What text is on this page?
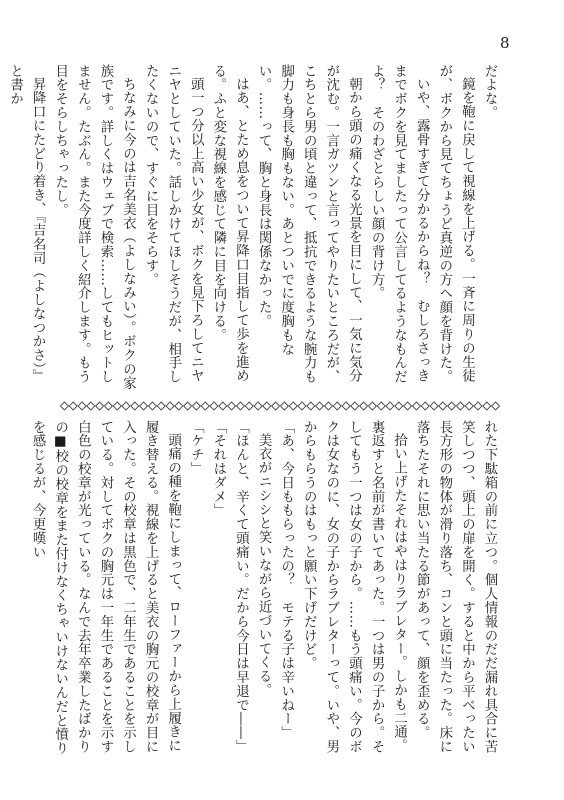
8

だよな。

鏡を鞄に戻して視線を上げる。一斉に周りの生徒が、ボクから見てちょうど真逆の方へ顔を背けた。

いや、露骨すぎて分かるからね？　むしろさっきまでボクを見てましたって公言してるようなもんだよ？　そのわざとらしい顔の背け方。

朝から頭の痛くなる光景を目にして、一気に気分が沈む。一言ガツンと言ってやりたいところだが、こちとら男の頃と違って、抵抗できるような腕力も脚力も身長も胸もない。あとついでに度胸もない。……って、胸と身長は関係なかった。

はあ、とため息をついて昇降口目指して歩を進める。ふと変な視線を感じて隣に目を向ける。

頭一つ分以上高い少女が、ボクを見下ろしてニヤニヤとしていた。話しかけてほしそうだが、相手したくないので、すぐに目をそらす。

ちなみに今のは吉名美衣（よしなみい）。ボクの家族です。詳しくはウェブで検索……してもヒットしません。たぶん。また今度詳しく紹介します。もう目をそらしちゃったし。

昇降口にたどり着き、『吉名司（よしなつかさ）』と書か

れた下駄箱の前に立つ。個人情報のだだ漏れ具合に苦笑しつつ、頭上の扉を開く。すると中から平べったい長方形の物体が滑り落ち、コンと頭に当たった。床に落ちたそれに思い当たる節があって、顔を歪める。

拾い上げたそれはやはりラブレター。しかも二通。裏返すと名前が書いてあった。一つは男の子から。そしてもう一つは女の子から。……もう頭痛い。今のボクは女なのに、女の子からラブレターって。いや、男からもらうのはもっと願い下げだけど。

「あ、今日ももらったの？　モテる子は辛いねー」

美衣がニシシと笑いながら近づいてくる。

「ほんと、辛くて頭痛い。だから今日は早退で――」

「それはダメ」

「ケチ」

頭痛の種を鞄にしまって、ローファーから上履きに履き替える。視線を上げると美衣の胸元の校章が目に入った。その校章は黒色で、二年生であることを示している。対してボクの胸元は一年生であることを示す白色の校章が光っている。なんで去年卒業したばかりの■校の校章をまた付けなくちゃいけないんだと憤りを感じるが、今更嘆い
